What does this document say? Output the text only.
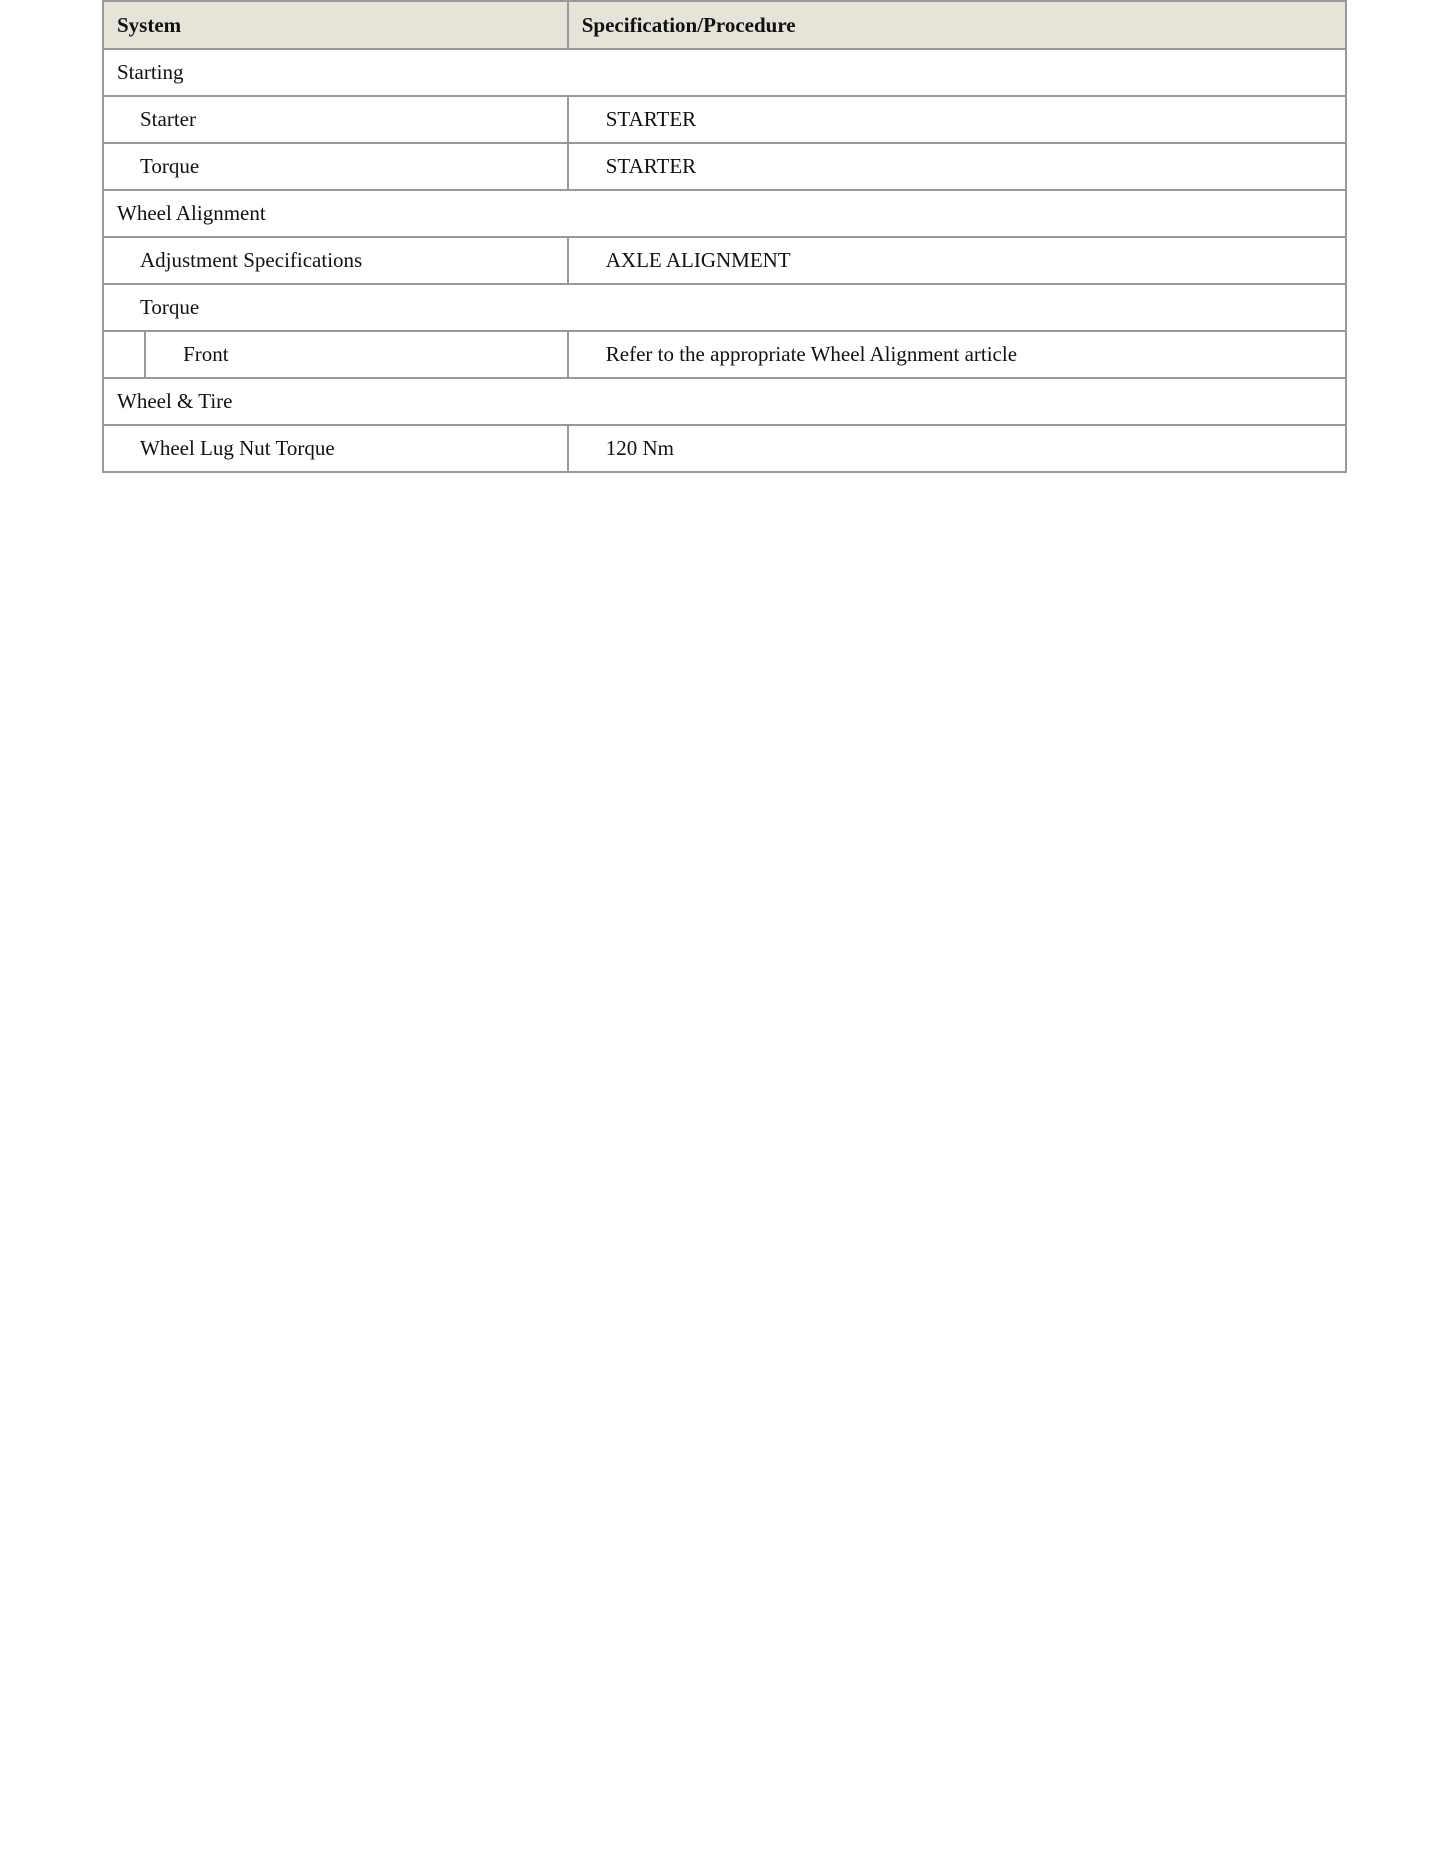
System		Specification/Procedure
Starting		
Starter		STARTER
Torque		STARTER
Wheel Alignment		
Adjustment Specifications		AXLE ALIGNMENT
Torque		
	Front	Refer to the appropriate Wheel Alignment article
Wheel & Tire		
Wheel Lug Nut Torque		120 Nm
